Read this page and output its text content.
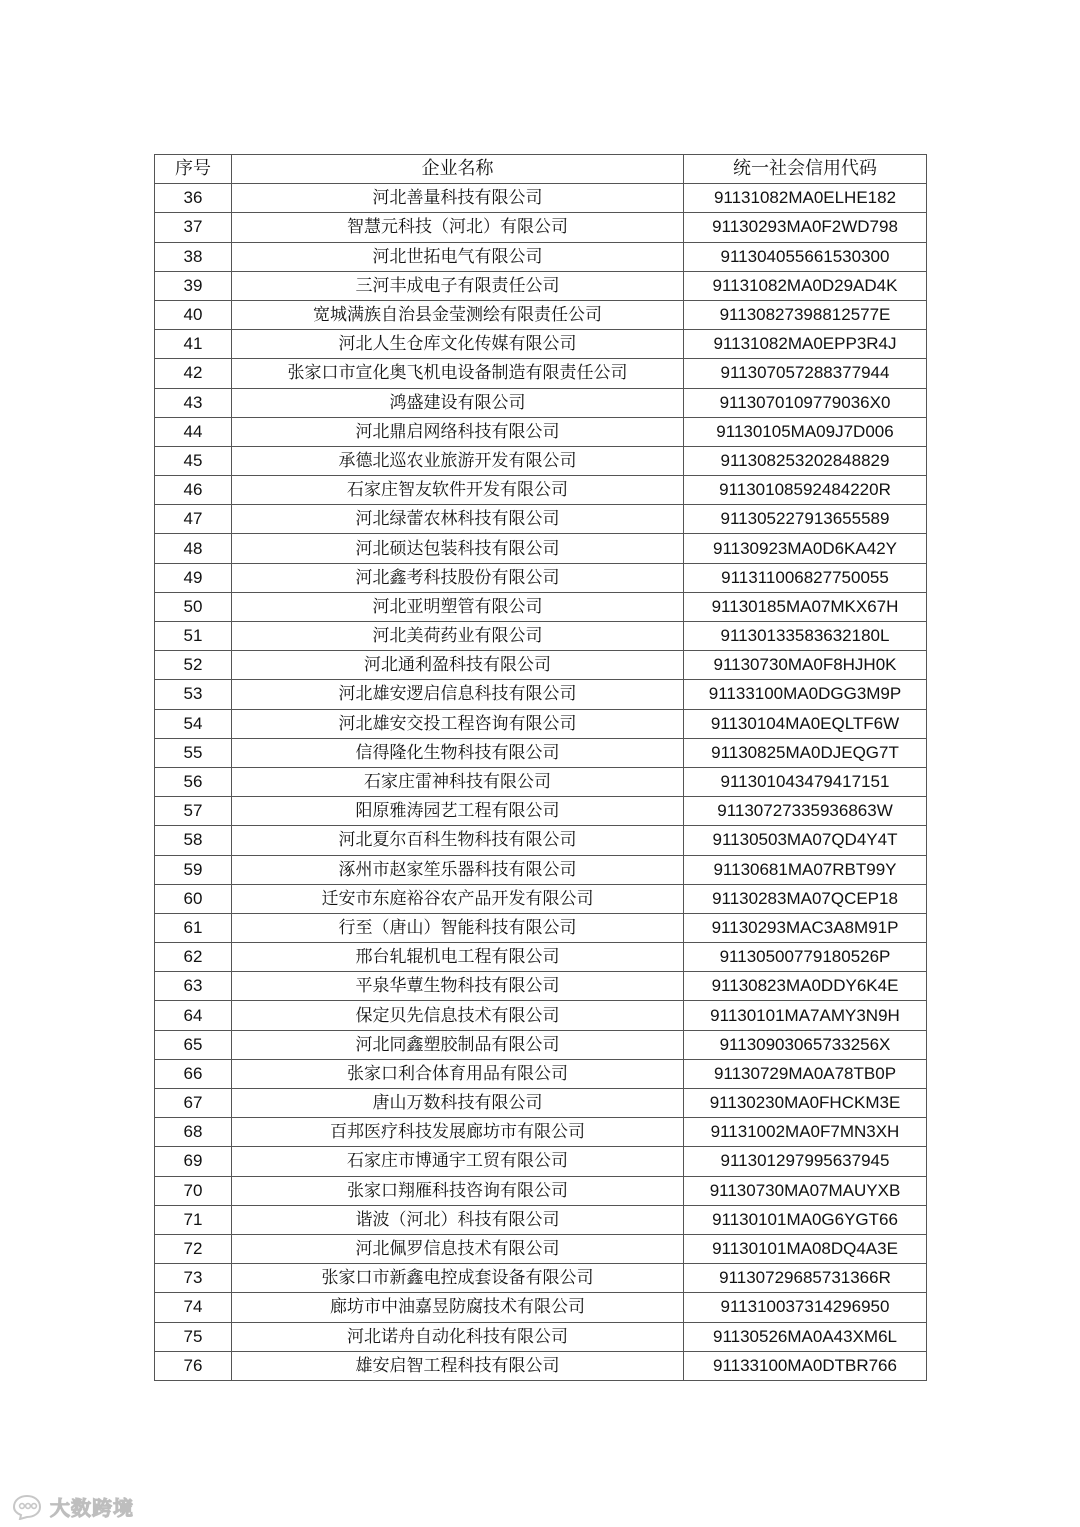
序号	企业名称	统一社会信用代码
36	河北善量科技有限公司	91131082MA0ELHE182
37	智慧元科技（河北）有限公司	91130293MA0F2WD798
38	河北世拓电气有限公司	911304055661530300
39	三河丰成电子有限责任公司	91131082MA0D29AD4K
40	宽城满族自治县金莹测绘有限责任公司	91130827398812577E
41	河北人生仓库文化传媒有限公司	91131082MA0EPP3R4J
42	张家口市宣化奥飞机电设备制造有限责任公司	911307057288377944
43	鸿盛建设有限公司	9113070109779036X0
44	河北鼎启网络科技有限公司	91130105MA09J7D006
45	承德北巡农业旅游开发有限公司	911308253202848829
46	石家庄智友软件开发有限公司	91130108592484220R
47	河北绿蕾农林科技有限公司	911305227913655589
48	河北硕达包装科技有限公司	91130923MA0D6KA42Y
49	河北鑫考科技股份有限公司	911311006827750055
50	河北亚明塑管有限公司	91130185MA07MKX67H
51	河北美荷药业有限公司	91130133583632180L
52	河北通利盈科技有限公司	91130730MA0F8HJH0K
53	河北雄安逻启信息科技有限公司	91133100MA0DGG3M9P
54	河北雄安交投工程咨询有限公司	91130104MA0EQLTF6W
55	信得隆化生物科技有限公司	91130825MA0DJEQG7T
56	石家庄雷神科技有限公司	911301043479417151
57	阳原雅涛园艺工程有限公司	91130727335936863W
58	河北夏尔百科生物科技有限公司	91130503MA07QD4Y4T
59	涿州市赵家笙乐器科技有限公司	91130681MA07RBT99Y
60	迁安市东庭裕谷农产品开发有限公司	91130283MA07QCEP18
61	行至（唐山）智能科技有限公司	91130293MAC3A8M91P
62	邢台轧辊机电工程有限公司	91130500779180526P
63	平泉华蕈生物科技有限公司	91130823MA0DDY6K4E
64	保定贝先信息技术有限公司	91130101MA7AMY3N9H
65	河北同鑫塑胶制品有限公司	91130903065733256X
66	张家口利合体育用品有限公司	91130729MA0A78TB0P
67	唐山万数科技有限公司	91130230MA0FHCKM3E
68	百邦医疗科技发展廊坊市有限公司	91131002MA0F7MN3XH
69	石家庄市博通宇工贸有限公司	911301297995637945
70	张家口翔雁科技咨询有限公司	91130730MA07MAUYXB
71	谐波（河北）科技有限公司	91130101MA0G6YGT66
72	河北佩罗信息技术有限公司	91130101MA08DQ4A3E
73	张家口市新鑫电控成套设备有限公司	91130729685731366R
74	廊坊市中油嘉昱防腐技术有限公司	911310037314296950
75	河北诺舟自动化科技有限公司	91130526MA0A43XM6L
76	雄安启智工程科技有限公司	91133100MA0DTBR766
大数跨境
